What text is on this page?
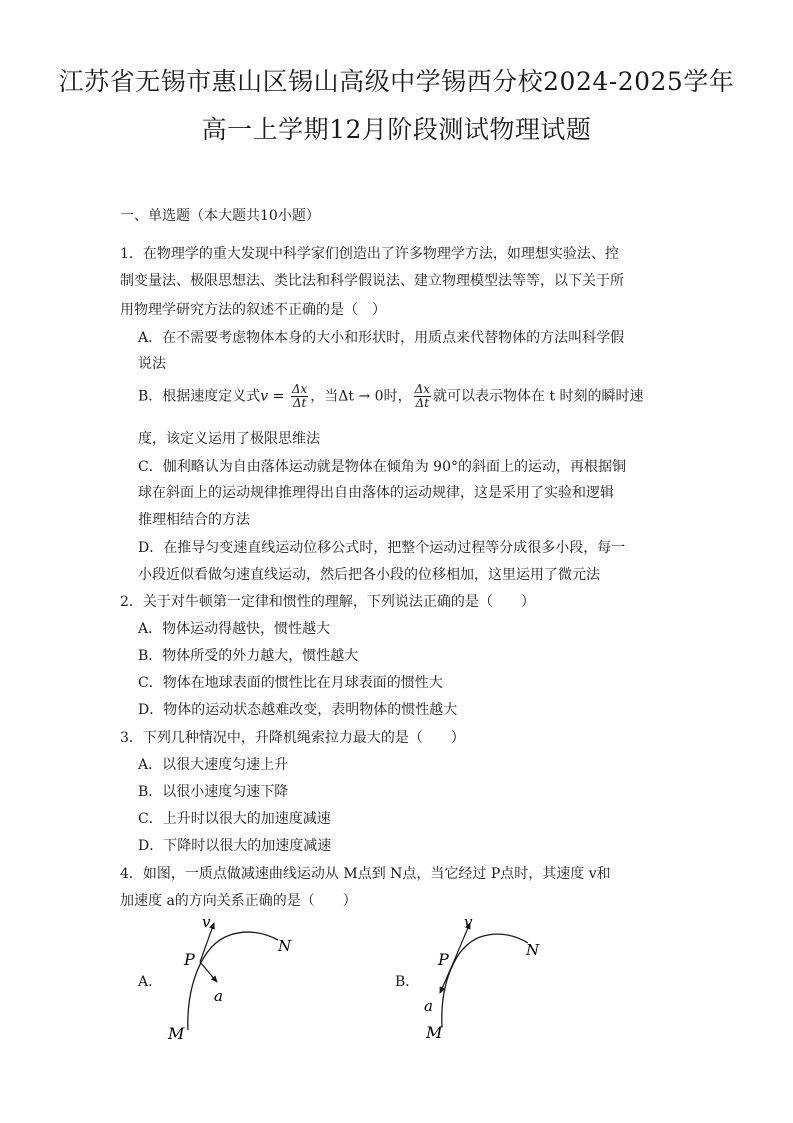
江苏省无锡市惠山区锡山高级中学锡西分校2024-2025学年
高一上学期12月阶段测试物理试题
一、单选题（本大题共10小题）
1．在物理学的重大发现中科学家们创造出了许多物理学方法，如理想实验法、控
制变量法、极限思想法、类比法和科学假说法、建立物理模型法等等，以下关于所
用物理学研究方法的叙述不正确的是（　）
A．在不需要考虑物体本身的大小和形状时，用质点来代替物体的方法叫科学假
说法
B．根据速度定义式$v = \frac{\Delta x}{\Delta t}$ ，当Δt → 0时， $\frac{\Delta x}{\Delta t}$ 就可以表示物体在 t 时刻的瞬时速
度，该定义运用了极限思维法
C．伽利略认为自由落体运动就是物体在倾角为 90°的斜面上的运动，再根据铜
球在斜面上的运动规律推理得出自由落体的运动规律，这是采用了实验和逻辑
推理相结合的方法
D．在推导匀变速直线运动位移公式时，把整个运动过程等分成很多小段，每一
小段近似看做匀速直线运动，然后把各小段的位移相加，这里运用了微元法
2．关于对牛顿第一定律和惯性的理解，下列说法正确的是（　　）
A．物体运动得越快，惯性越大
B．物体所受的外力越大，惯性越大
C．物体在地球表面的惯性比在月球表面的惯性大
D．物体的运动状态越难改变，表明物体的惯性越大
3．下列几种情况中，升降机绳索拉力最大的是（　　）
A．以很大速度匀速上升
B．以很小速度匀速下降
C．上升时以很大的加速度减速
D．下降时以很大的加速度减速
4．如图，一质点做减速曲线运动从 M点到 N点，当它经过 P点时，其速度 v和
加速度 a的方向关系正确的是（　　）
A．
v
P
N
a
M
B．
v
P	N
a
M
